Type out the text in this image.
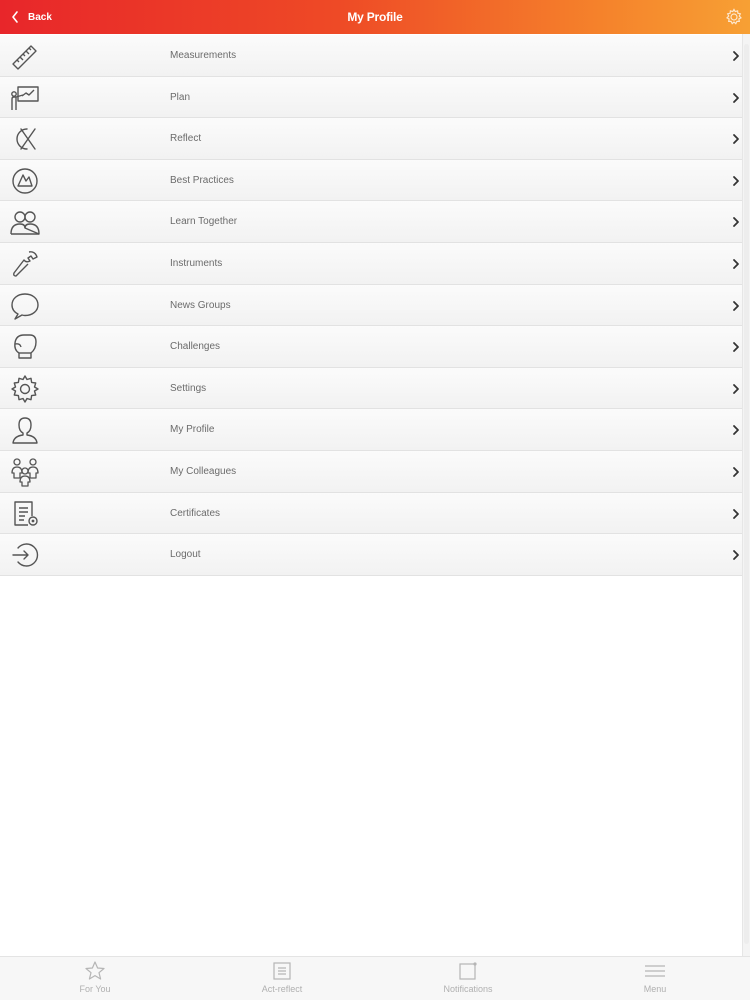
Back	My Profile
Measurements
Plan
Reflect
Best Practices
Learn Together
Instruments
News Groups
Challenges
Settings
My Profile
My Colleagues
Certificates
Logout
For You	Act-reflect	Notifications	Menu
